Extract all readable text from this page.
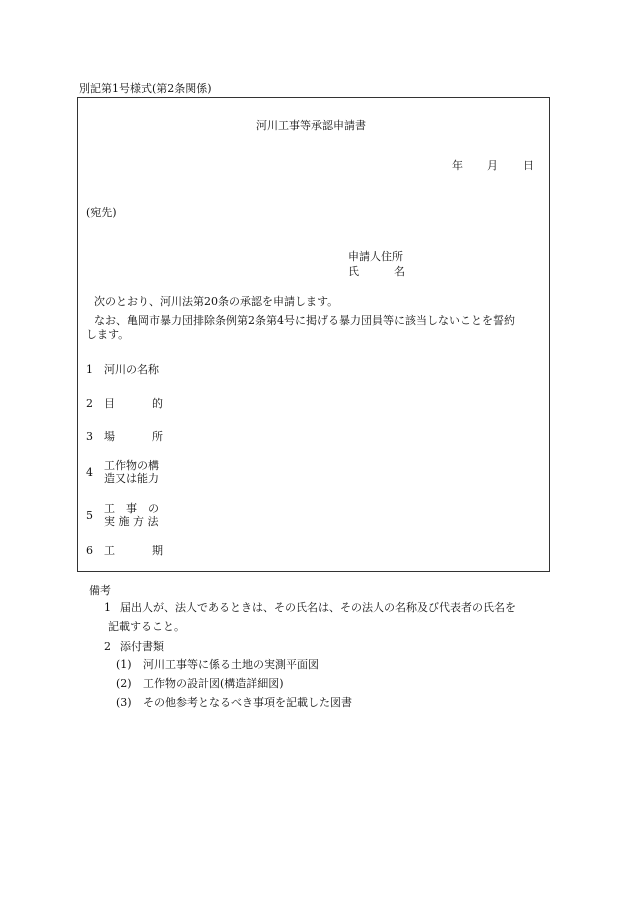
別記第1号様式(第2条関係)
河川工事等承認申請書
年 月 日
(宛先)
申請人住所
氏	名
次のとおり、河川法第20条の承認を申請します。
なお、亀岡市暴力団排除条例第2条第4号に掲げる暴力団員等に該当しないことを誓約
します。
1 河川の名称
2	目	的
3	場	所
4
工作物の構
造又は能力
5
工　事　の
実 施 方 法
6	工	期
備考
1 届出人が、法人であるときは、その氏名は、その法人の名称及び代表者の氏名を
記載すること。
2 添付書類
(1) 河川工事等に係る土地の実測平面図
(2) 工作物の設計図(構造詳細図)
(3) その他参考となるべき事項を記載した図書
